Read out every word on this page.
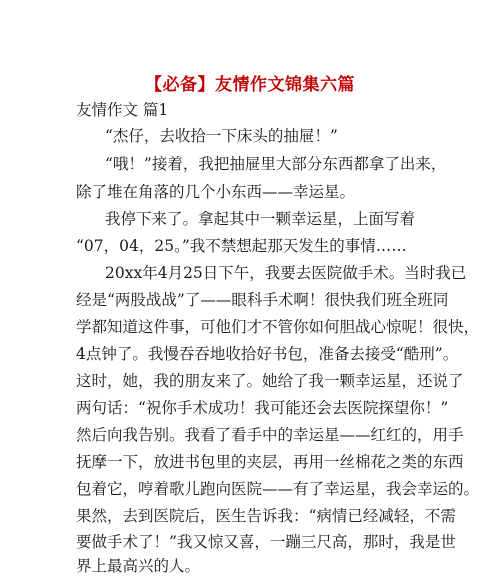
【必备】友情作文锦集六篇
友情作文 篇1
“杰仔，去收拾一下床头的抽屉！”
“哦！”接着，我把抽屉里大部分东西都拿了出来，
除了堆在角落的几个小东西——幸运星。
我停下来了。拿起其中一颗幸运星，上面写着
“07，04，25。”我不禁想起那天发生的事情……
20xx年4月25日下午，我要去医院做手术。当时我已
经是“两股战战”了——眼科手术啊！很快我们班全班同
学都知道这件事，可他们才不管你如何胆战心惊呢！很快，
4点钟了。我慢吞吞地收拾好书包，准备去接受“酷刑”。
这时，她，我的朋友来了。她给了我一颗幸运星，还说了
两句话：“祝你手术成功！我可能还会去医院探望你！”
然后向我告别。我看了看手中的幸运星——红红的，用手
抚摩一下，放进书包里的夹层，再用一丝棉花之类的东西
包着它，哼着歌儿跑向医院——有了幸运星，我会幸运的。
果然，去到医院后，医生告诉我：“病情已经减轻，不需
要做手术了！”我又惊又喜，一蹦三尺高，那时，我是世
界上最高兴的人。
